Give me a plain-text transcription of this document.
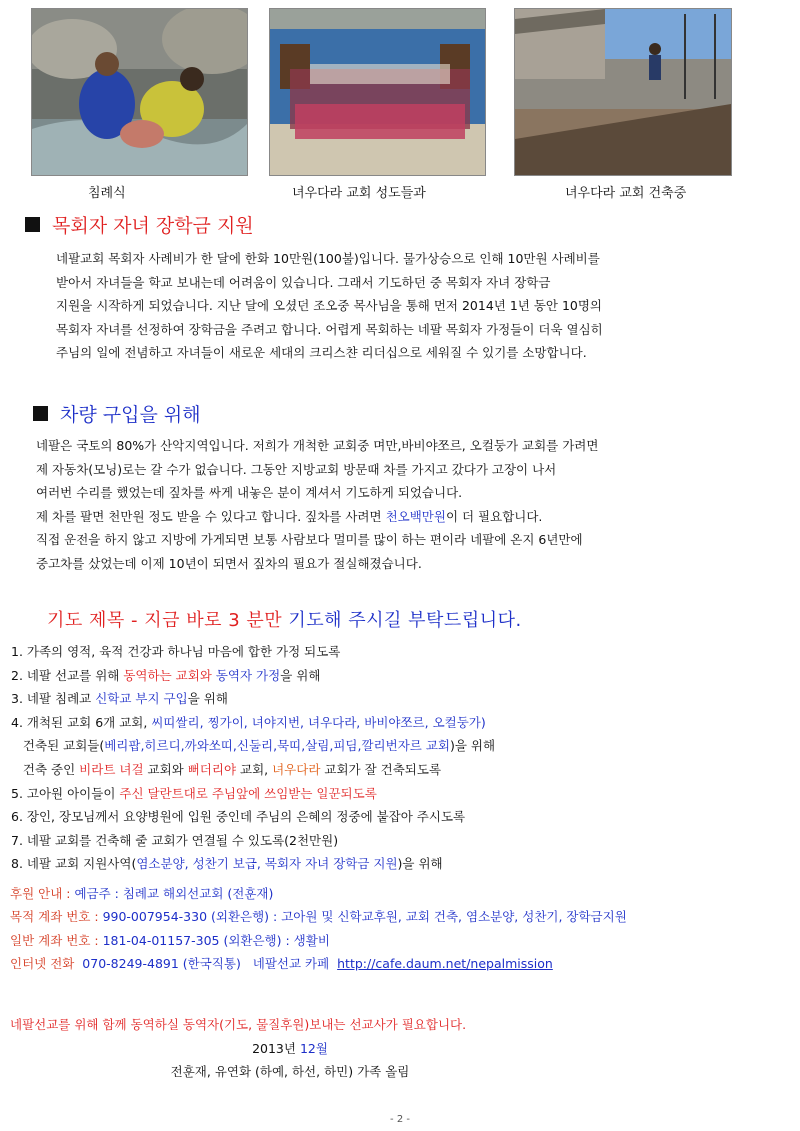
침례식	녀우다라 교회 성도들과	녀우다라 교회 건축중
목회자 자녀 장학금 지원
네팔교회 목회자 사례비가 한 달에 한화 10만원(100불)입니다. 물가상승으로 인해 10만원 사례비를
받아서 자녀들을 학교 보내는데 어려움이 있습니다. 그래서 기도하던 중 목회자 자녀 장학금
지원을 시작하게 되었습니다. 지난 달에 오셨던 조오중 목사님을 통해 먼저 2014년 1년 동안 10명의
목회자 자녀를 선정하여 장학금을 주려고 합니다. 어렵게 목회하는 네팔 목회자 가정들이 더욱 열심히
주님의 일에 전념하고 자녀들이 새로운 세대의 크리스챤 리더십으로 세워질 수 있기를 소망합니다.
차량 구입을 위해
네팔은 국토의 80%가 산악지역입니다. 저희가 개척한 교회중 며만,바비야쪼르, 오컬둥가 교회를 가려면
제 자동차(모닝)로는 갈 수가 없습니다. 그동안 지방교회 방문때 차를 가지고 갔다가 고장이 나서
여러번 수리를 했었는데 짚차를 싸게 내놓은 분이 계셔서 기도하게 되었습니다.
제 차를 팔면 천만원 정도 받을 수 있다고 합니다. 짚차를 사려면 천오백만원이 더 필요합니다.
직접 운전을 하지 않고 지방에 가게되면 보통 사람보다 멀미를 많이 하는 편이라 네팔에 온지 6년만에
중고차를 샀었는데 이제 10년이 되면서 짚차의 필요가 절실해졌습니다.
기도 제목 - 지금 바로 3 분만 기도해 주시길 부탁드립니다.
1. 가족의 영적, 육적 건강과 하나님 마음에 합한 가정 되도록
2. 네팔 선교를 위해 동역하는 교회와 동역자 가정을 위해
3. 네팔 침례교 신학교 부지 구입을 위해
4. 개척된 교회 6개 교회, 씨띠쌀리, 찡가이, 녀야지번, 녀우다라, 바비야쪼르, 오컬둥가)
건축된 교회들(베리팝,히르디,까와쏘띠,신둘리,묵띠,살림,피딤,깔리번자르 교회)을 위해
건축 중인 비라트 녀걸 교회와 뻐더리야 교회, 녀우다라 교회가 잘 건축되도록
5. 고아원 아이들이 주신 달란트대로 주님앞에 쓰임받는 일꾼되도록
6. 장인, 장모님께서 요양병원에 입원 중인데 주님의 은혜의 정중에 붙잡아 주시도록
7. 네팔 교회를 건축해 줄 교회가 연결될 수 있도록(2천만원)
8. 네팔 교회 지원사역(염소분양, 성찬기 보급, 목회자 자녀 장학금 지원)을 위해
후원 안내 : 예금주 : 침례교 해외선교회 (전훈재)
목적 계좌 번호 : 990-007954-330 (외환은행) : 고아원 및 신학교후원, 교회 건축, 염소분양, 성찬기, 장학금지원
일반 계좌 번호 : 181-04-01157-305 (외환은행) : 생활비
인터넷 전화  070-8249-4891 (한국직통)   네팔선교 카페  http://cafe.daum.net/nepalmission
네팔선교를 위해 함께 동역하실 동역자(기도, 물질후원)보내는 선교사가 필요합니다.
2013년 12월
전훈재, 유연화 (하예, 하선, 하민) 가족 올림
- 2 -
